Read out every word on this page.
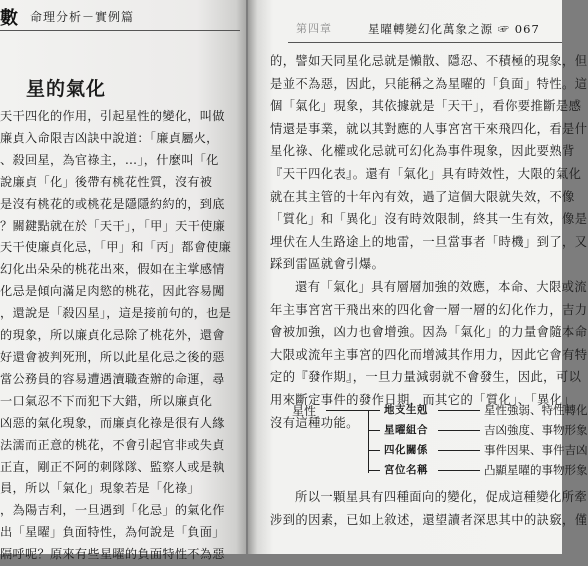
數 命理分析－實例篇
星的氣化

天干四化的作用，引起星性的變化，叫做

廉貞入命限吉凶訣中說道：「廉貞屬火，

、殺回星，為官祿主，…」，什麼叫「化

說廉貞「化」後帶有桃花性質，沒有被

是沒有桃花的或桃花是隱隱約約的，到底

？關鍵點就在於「天干」，「甲」天干使廉

天干使廉貞化忌，「甲」和「丙」都會使廉

幻化出朵朵的桃花出來，假如在主掌感情

化忌是傾向滿足肉慾的桃花，因此容易闖

，還說是「殺囚星」，這是接前句的，也是

的現象，所以廉貞化忌除了桃花外，還會

好還會被判死刑，所以此星化忌之後的惡

當公務員的容易遭遇瀆職查辦的命運，尋

一口氣忍不下而犯下大錯，所以廉貞化

凶惡的氣化現象，而廉貞化祿是很有人緣

法濡而正意的桃花，不會引起官非或失貞

正直，剛正不阿的刺隊隊、監察人或是執

員，所以「氣化」現象若是「化祿」

，為陽吉利，一旦遇到「化忌」的氣化作

出「星曜」負面特性，為何說是「負面」

隔呼呢？原來有些星曜的負面特性不為惡

第四章	星曜轉變幻化萬象之源 ☞ 067

的，譬如天同星化忌就是懶散、隱忍、不積極的現象，但

是並不為惡，因此，只能稱之為星曜的「負面」特性。這

個「氣化」現象，其依據就是「天干」，看你要推斷是感

情還是事業，就以其對應的人事宮宮干來飛四化，看是什

星化祿、化權或化忌就可幻化為事件現象，因此要熟背

『天干四化表』。還有「氣化」具有時效性，大限的氣化

就在其主管的十年內有效，過了這個大限就失效，不像

「質化」和「異化」沒有時效限制，終其一生有效，像是

埋伏在人生路途上的地雷，一旦當事者「時機」到了，又

踩到雷區就會引爆。

還有「氣化」具有層層加強的效應，本命、大限或流

年主事宮宮干飛出來的四化會一層一層的幻化作力，吉力

會被加強，凶力也會增強。因為「氣化」的力量會隨本命

大限或流年主事宮的四化而增減其作用力，因此它會有特

定的『發作期』，一旦力量減弱就不會發生，因此，可以

用來斷定事件的發作日期，而其它的「質化」、「異化」

沒有這種功能。

星性	地支生剋	星性強弱、特性轉化
星曜組合	吉凶強度、事物形象
四化關係	事件因果、事件吉凶
宮位名稱	凸顯星曜的事物形象

所以一顆星具有四種面向的變化，促成這種變化所牽

涉到的因素，已如上敘述，還望讀者深思其中的訣竅，僅
